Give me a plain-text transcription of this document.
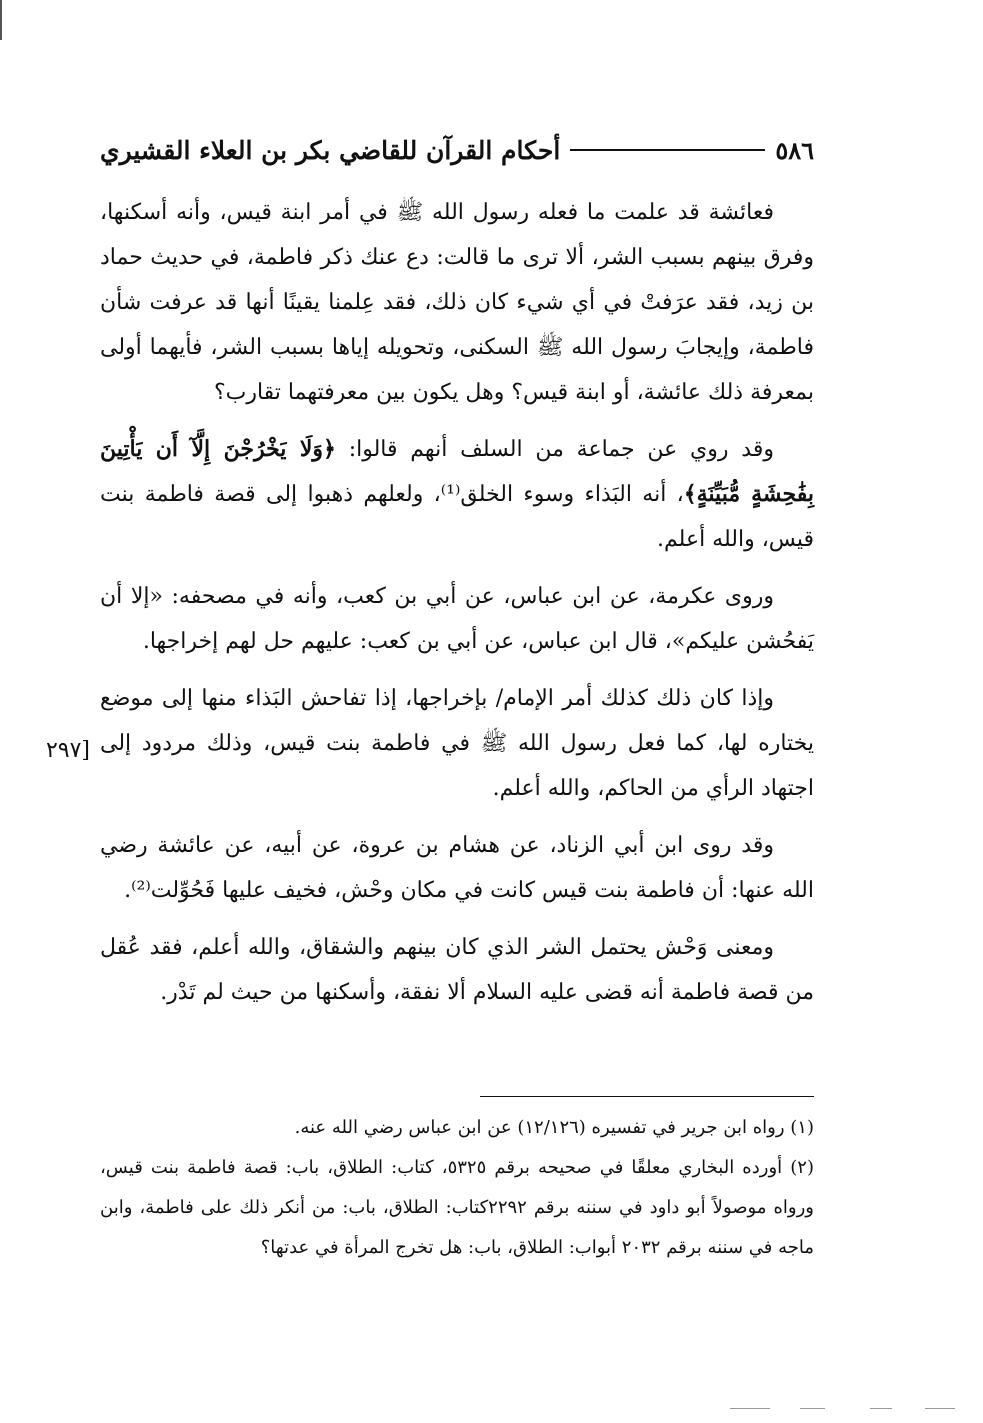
٥٨٦
أحكام القرآن للقاضي بكر بن العلاء القشيري

فعائشة قد علمت ما فعله رسول الله ﷺ في أمر ابنة قيس، وأنه أسكنها، وفرق بينهم بسبب الشر، ألا ترى ما قالت: دع عنك ذكر فاطمة، في حديث حماد بن زيد، فقد عرَفتْ في أي شيء كان ذلك، فقد عِلمنا يقينًا أنها قد عرفت شأن فاطمة، وإيجابَ رسول الله ﷺ السكنى، وتحويله إياها بسبب الشر، فأيهما أولى بمعرفة ذلك عائشة، أو ابنة قيس؟ وهل يكون بين معرفتهما تقارب؟

وقد روي عن جماعة من السلف أنهم قالوا: ﴿وَلَا يَخْرُجْنَ إِلَّآ أَن يَأْتِينَ بِفَٰحِشَةٍ مُّبَيِّنَةٍ﴾، أنه البَذاء وسوء الخلق⁽¹⁾، ولعلهم ذهبوا إلى قصة فاطمة بنت قيس، والله أعلم.

وروى عكرمة، عن ابن عباس، عن أبي بن كعب، وأنه في مصحفه: «إلا أن يَفحُشن عليكم»، قال ابن عباس، عن أبي بن كعب: عليهم حل لهم إخراجها.

وإذا كان ذلك كذلك أمر الإمام/ بإخراجها، إذا تفاحش البَذاء منها إلى موضع يختاره لها، كما فعل رسول الله ﷺ في فاطمة بنت قيس، وذلك مردود إلى اجتهاد الرأي من الحاكم، والله أعلم.

وقد روى ابن أبي الزناد، عن هشام بن عروة، عن أبيه، عن عائشة رضي الله عنها: أن فاطمة بنت قيس كانت في مكان وحْش، فخيف عليها فَحُوِّلت⁽²⁾.

ومعنى وَحْش يحتمل الشر الذي كان بينهم والشقاق، والله أعلم، فقد عُقل من قصة فاطمة أنه قضى عليه السلام ألا نفقة، وأسكنها من حيث لم تَدْر.

[٢٩٧

(١) رواه ابن جرير في تفسيره (١٢/١٢٦) عن ابن عباس رضي الله عنه.

(٢) أورده البخاري معلقًا في صحيحه برقم ٥٣٢٥، كتاب: الطلاق، باب: قصة فاطمة بنت قيس، ورواه موصولاً أبو داود في سننه برقم ٢٢٩٢كتاب: الطلاق، باب: من أنكر ذلك على فاطمة، وابن ماجه في سننه برقم ٢٠٣٢ أبواب: الطلاق، باب: هل تخرج المرأة في عدتها؟
